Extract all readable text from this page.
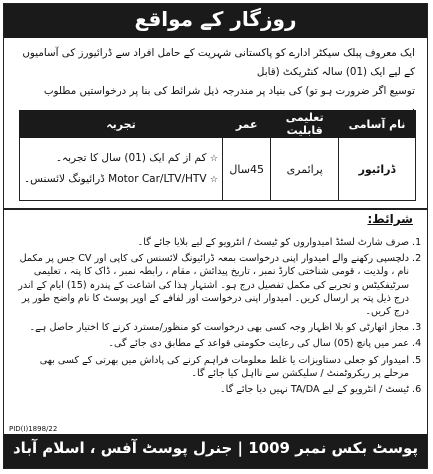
روزگار کے مواقع

ایک معروف پبلک سیکٹر ادارے کو پاکستانی شہریت کے حامل افراد سے ڈرائیورز کی آسامیوں کے لیے ایک (01) سالہ کنٹریکٹ (قابل

توسیع اگر ضرورت ہو تو) کی بنیاد پر مندرجہ ذیل شرائط کی بنا پر درخواستیں مطلوب

نام آسامی	تعلیمی قابلیت	عمر	تجربہ
ڈرائیور	پرائمری	45سال	☆ کم از کم ایک (01) سال کا تجربہ۔
☆ Motor Car/LTV/HTV ڈرائیونگ لائسنس۔
شرائط:
1. صرف شارٹ لسٹڈ امیدواروں کو ٹیسٹ / انٹرویو کے لیے بلایا جائے گا۔
2. دلچسپی رکھنے والے امیدوار اپنی درخواست بمعہ ڈرائیونگ لائسنس کی کاپی اور CV جس پر مکمل نام ، ولدیت ، قومی شناختی کارڈ نمبر ، تاریخ پیدائش ، مقام ، رابطہ نمبر ، ڈاک کا پتہ ، تعلیمی سرٹیفکیٹس و تجربے کی مکمل تفصیل درج ہو۔ اشتہار ہٰذا کی اشاعت کے پندرہ (15) ایام کے اندر درج ذیل پتہ پر ارسال کریں۔ امیدوار اپنی درخواست اور لفافے کے اوپر پوسٹ کا نام واضح طور پر درج کریں۔
3. مجاز اتھارٹی کو بلا اظہار وجہ کسی بھی درخواست کو منظور/مسترد کرنے کا اختیار حاصل ہے۔
4. عمر میں پانچ (05) سال کی رعایت حکومتی قواعد کے مطابق دی جائے گی۔
5. امیدوار کو جعلی دستاویزات یا غلط معلومات فراہم کرنے کی پاداش میں بھرتی کے کسی بھی مرحلے پر ریکروٹمنٹ / سلیکشن سے نااہل کیا جائے گا۔
6. ٹیسٹ / انٹرویو کے لیے TA/DA نہیں دیا جائے گا۔
PID(I)1898/22
پوسٹ بکس نمبر 1009 | جنرل پوسٹ آفس ، اسلام آباد
